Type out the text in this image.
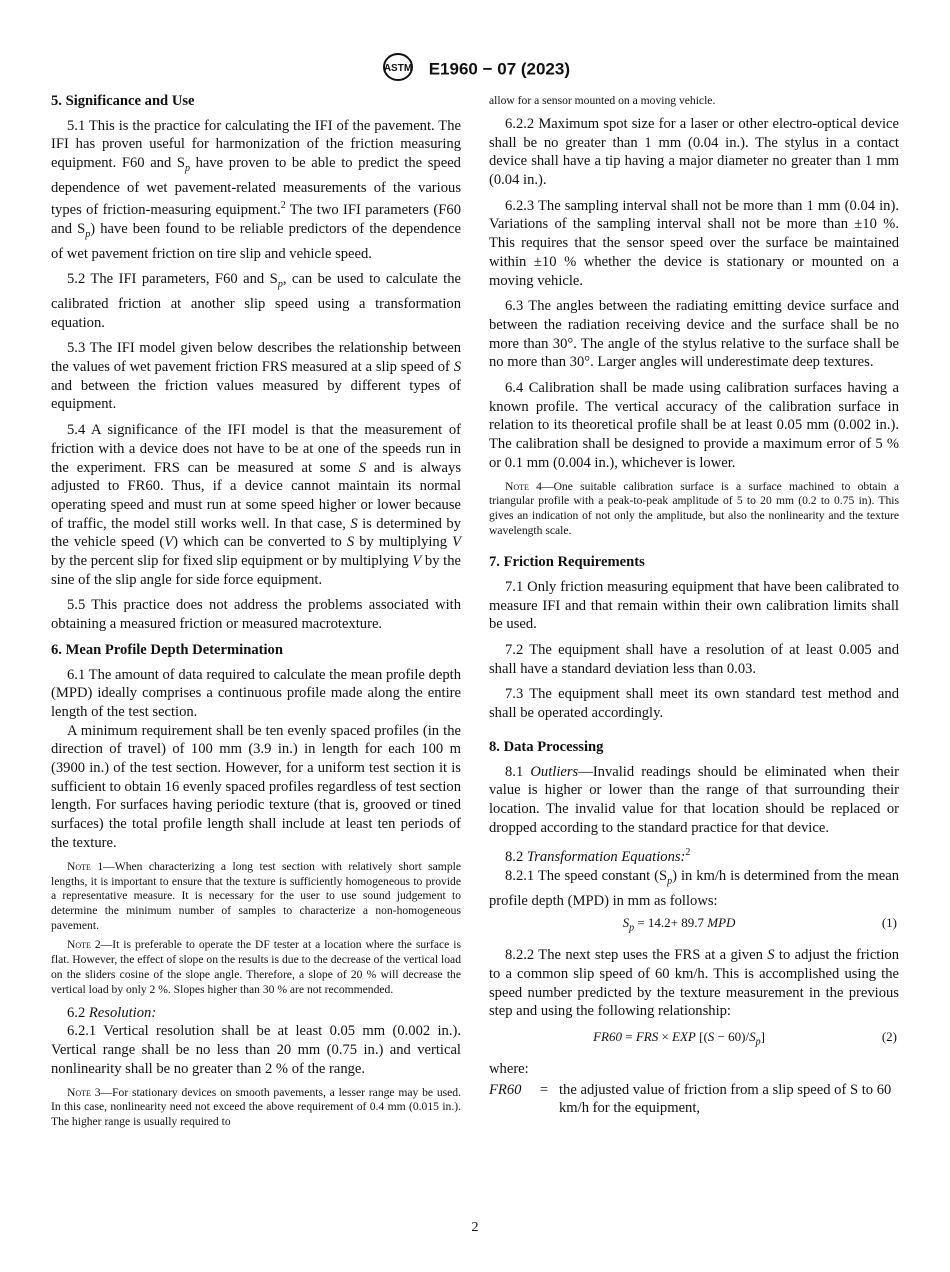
ASTM E1960 − 07 (2023)
5. Significance and Use

5.1 This is the practice for calculating the IFI of the pavement. The IFI has proven useful for harmonization of the friction measuring equipment. F60 and $S_p$ have proven to be able to predict the speed dependence of wet pavement-related measurements of the various types of friction-measuring equipment.$^2$ The two IFI parameters (F60 and $S_p$) have been found to be reliable predictors of the dependence of wet pavement friction on tire slip and vehicle speed.

5.2 The IFI parameters, F60 and $S_p$, can be used to calculate the calibrated friction at another slip speed using a transformation equation.

5.3 The IFI model given below describes the relationship between the values of wet pavement friction FRS measured at a slip speed of S and between the friction values measured by different types of equipment.

5.4 A significance of the IFI model is that the measurement of friction with a device does not have to be at one of the speeds run in the experiment. FRS can be measured at some S and is always adjusted to FR60. Thus, if a device cannot maintain its normal operating speed and must run at some speed higher or lower because of traffic, the model still works well. In that case, S is determined by the vehicle speed (V) which can be converted to S by multiplying V by the percent slip for fixed slip equipment or by multiplying V by the sine of the slip angle for side force equipment.

5.5 This practice does not address the problems associated with obtaining a measured friction or measured macrotexture.

6. Mean Profile Depth Determination

6.1 The amount of data required to calculate the mean profile depth (MPD) ideally comprises a continuous profile made along the entire length of the test section.

A minimum requirement shall be ten evenly spaced profiles (in the direction of travel) of 100 mm (3.9 in.) in length for each 100 m (3900 in.) of the test section. However, for a uniform test section it is sufficient to obtain 16 evenly spaced profiles regardless of test section length. For surfaces having periodic texture (that is, grooved or tined surfaces) the total profile length shall include at least ten periods of the texture.

Note 1—When characterizing a long test section with relatively short sample lengths, it is important to ensure that the texture is sufficiently homogeneous to provide a representative measure. It is necessary for the user to use sound judgement to determine the minimum number of samples to characterize a non-homogeneous pavement.

Note 2—It is preferable to operate the DF tester at a location where the surface is flat. However, the effect of slope on the results is due to the decrease of the vertical load on the sliders cosine of the slope angle. Therefore, a slope of 20 % will decrease the vertical load by only 2 %. Slopes higher than 30 % are not recommended.

6.2 Resolution:

6.2.1 Vertical resolution shall be at least 0.05 mm (0.002 in.). Vertical range shall be no less than 20 mm (0.75 in.) and vertical nonlinearity shall be no greater than 2 % of the range.

Note 3—For stationary devices on smooth pavements, a lesser range may be used. In this case, nonlinearity need not exceed the above requirement of 0.4 mm (0.015 in.). The higher range is usually required to

allow for a sensor mounted on a moving vehicle.

6.2.2 Maximum spot size for a laser or other electro-optical device shall be no greater than 1 mm (0.04 in.). The stylus in a contact device shall have a tip having a major diameter no greater than 1 mm (0.04 in.).

6.2.3 The sampling interval shall not be more than 1 mm (0.04 in). Variations of the sampling interval shall not be more than ±10 %. This requires that the sensor speed over the surface be maintained within ±10 % whether the device is stationary or mounted on a moving vehicle.

6.3 The angles between the radiating emitting device surface and between the radiation receiving device and the surface shall be no more than 30°. The angle of the stylus relative to the surface shall be no more than 30°. Larger angles will underestimate deep textures.

6.4 Calibration shall be made using calibration surfaces having a known profile. The vertical accuracy of the calibration surface in relation to its theoretical profile shall be at least 0.05 mm (0.002 in.). The calibration shall be designed to provide a maximum error of 5 % or 0.1 mm (0.004 in.), whichever is lower.

Note 4—One suitable calibration surface is a surface machined to obtain a triangular profile with a peak-to-peak amplitude of 5 to 20 mm (0.2 to 0.75 in). This gives an indication of not only the amplitude, but also the nonlinearity and the texture wavelength scale.

7. Friction Requirements

7.1 Only friction measuring equipment that have been calibrated to measure IFI and that remain within their own calibration limits shall be used.

7.2 The equipment shall have a resolution of at least 0.005 and shall have a standard deviation less than 0.03.

7.3 The equipment shall meet its own standard test method and shall be operated accordingly.

8. Data Processing

8.1 Outliers—Invalid readings should be eliminated when their value is higher or lower than the range of that surrounding their location. The invalid value for that location should be replaced or dropped according to the standard practice for that device.

8.2 Transformation Equations:$^2$

8.2.1 The speed constant $(S_p)$ in km/h is determined from the mean profile depth (MPD) in mm as follows:

$S_p = 14.2+ 89.7$ MPD	(1)

8.2.2 The next step uses the FRS at a given S to adjust the friction to a common slip speed of 60 km/h. This is accomplished using the speed number predicted by the texture measurement in the previous step and using the following relationship:

FR60 = FRS × EXP $[(S - 60)/S_p]$	(2)

where:

FR60	= the adjusted value of friction from a slip speed of S to 60 km/h for the equipment,
2
